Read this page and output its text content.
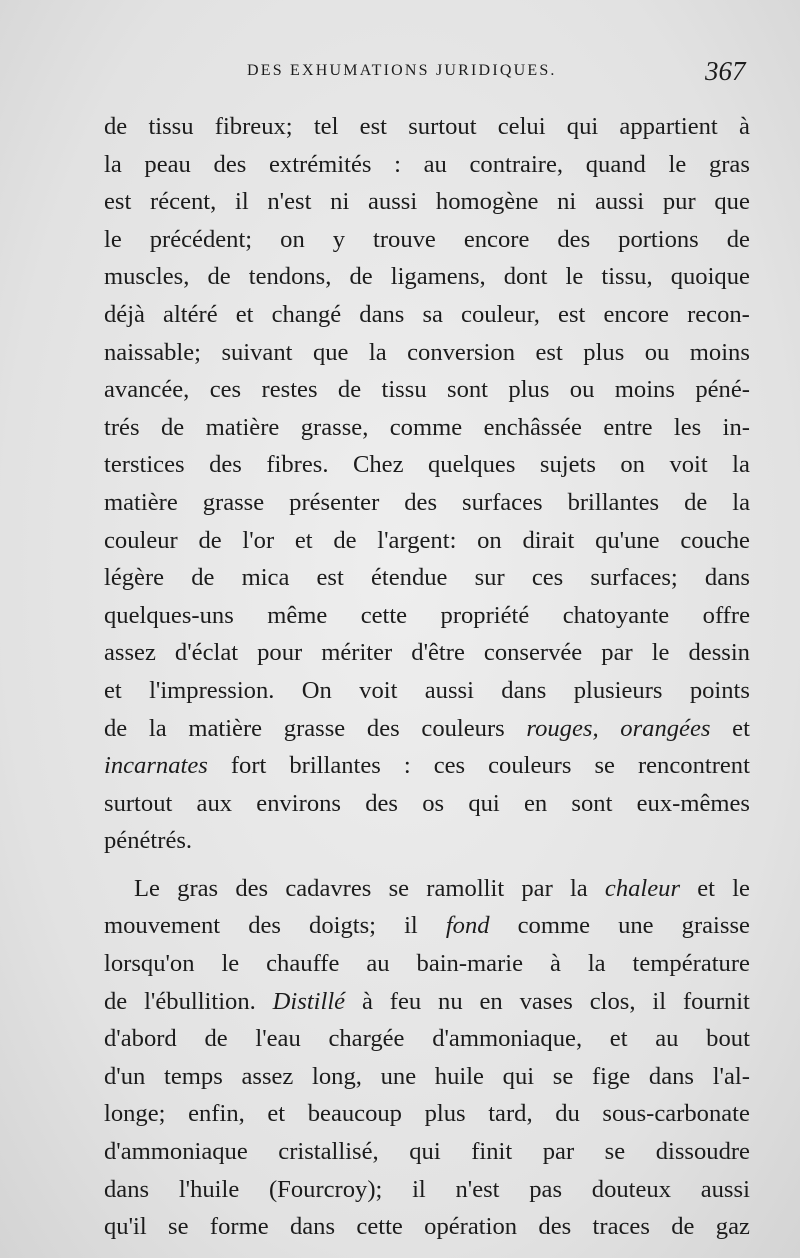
DES EXHUMATIONS JURIDIQUES.	367
de tissu fibreux; tel est surtout celui qui appartient à
la peau des extrémités : au contraire, quand le gras
est récent, il n'est ni aussi homogène ni aussi pur que
le précédent; on y trouve encore des portions de
muscles, de tendons, de ligamens, dont le tissu, quoique
déjà altéré et changé dans sa couleur, est encore recon-
naissable; suivant que la conversion est plus ou moins
avancée, ces restes de tissu sont plus ou moins péné-
trés de matière grasse, comme enchâssée entre les in-
terstices des fibres. Chez quelques sujets on voit la
matière grasse présenter des surfaces brillantes de la
couleur de l'or et de l'argent: on dirait qu'une couche
légère de mica est étendue sur ces surfaces; dans
quelques-uns même cette propriété chatoyante offre
assez d'éclat pour mériter d'être conservée par le dessin
et l'impression. On voit aussi dans plusieurs points
de la matière grasse des couleurs rouges, orangées et
incarnates fort brillantes : ces couleurs se rencontrent
surtout aux environs des os qui en sont eux-mêmes
pénétrés.
Le gras des cadavres se ramollit par la chaleur et le
mouvement des doigts; il fond comme une graisse
lorsqu'on le chauffe au bain-marie à la température
de l'ébullition. Distillé à feu nu en vases clos, il fournit
d'abord de l'eau chargée d'ammoniaque, et au bout
d'un temps assez long, une huile qui se fige dans l'al-
longe; enfin, et beaucoup plus tard, du sous-carbonate
d'ammoniaque cristallisé, qui finit par se dissoudre
dans l'huile (Fourcroy); il n'est pas douteux aussi
qu'il se forme dans cette opération des traces de gaz
